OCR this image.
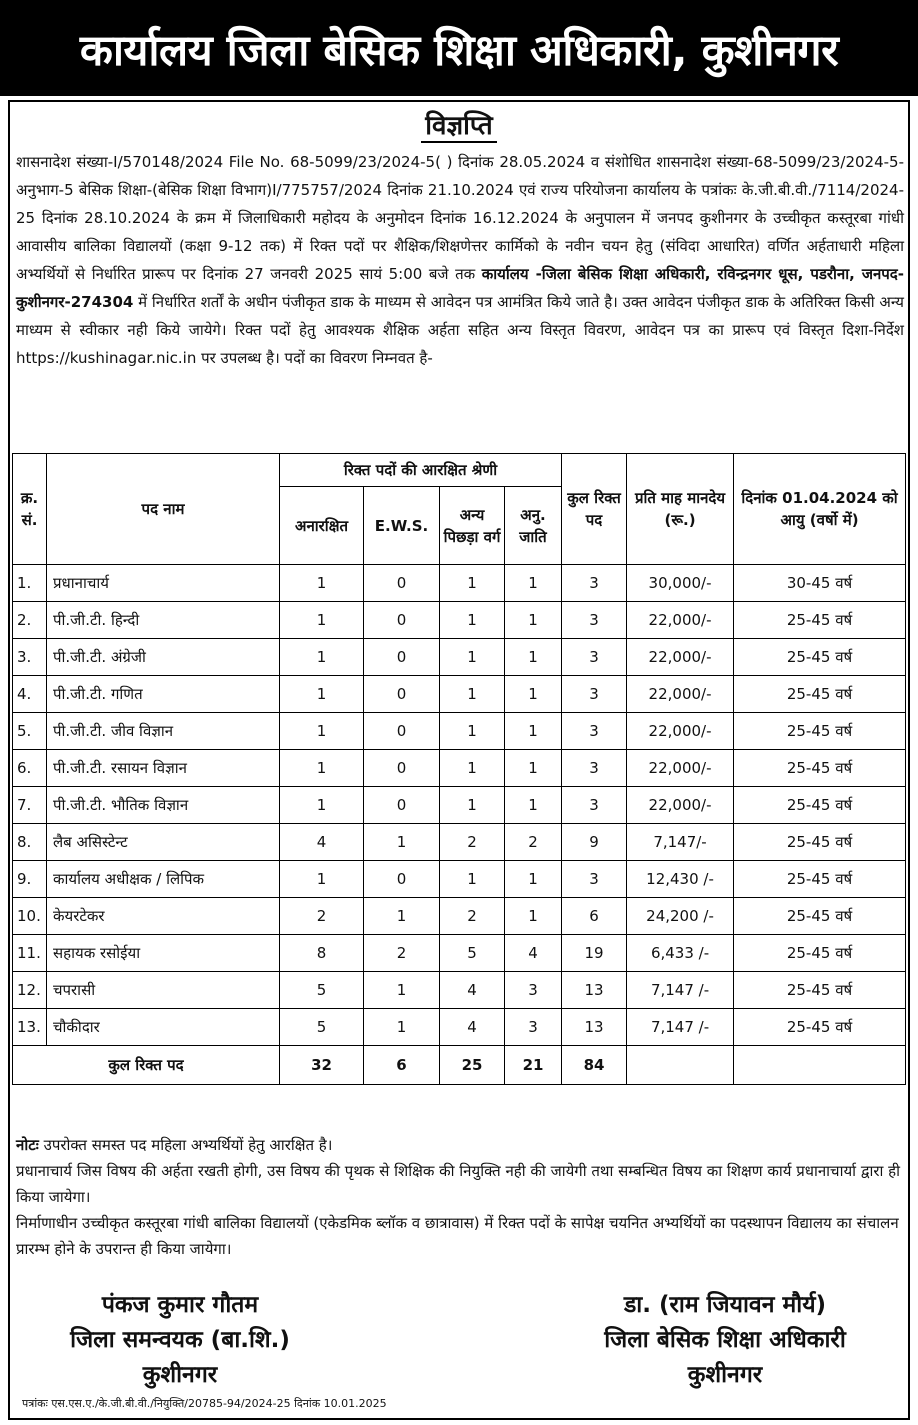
कार्यालय जिला बेसिक शिक्षा अधिकारी, कुशीनगर
विज्ञप्ति

शासनादेश संख्या-I/570148/2024 File No. 68-5099/23/2024-5( ) दिनांक 28.05.2024 व संशोधित शासनादेश संख्या-68-5099/23/2024-5-अनुभाग-5 बेसिक शिक्षा-(बेसिक शिक्षा विभाग)I/775757/2024 दिनांक 21.10.2024 एवं राज्य परियोजना कार्यालय के पत्रांकः के.जी.बी.वी./7114/2024-25 दिनांक 28.10.2024 के क्रम में जिलाधिकारी महोदय के अनुमोदन दिनांक 16.12.2024 के अनुपालन में जनपद कुशीनगर के उच्चीकृत कस्तूरबा गांधी आवासीय बालिका विद्यालयों (कक्षा 9-12 तक) में रिक्त पदों पर शैक्षिक/शिक्षणेत्तर कार्मिको के नवीन चयन हेतु (संविदा आधारित) वर्णित अर्हताधारी महिला अभ्यर्थियों से निर्धारित प्रारूप पर दिनांक 27 जनवरी 2025 सायं 5:00 बजे तक कार्यालय -जिला बेसिक शिक्षा अधिकारी, रविन्द्रनगर धूस, पडरौना, जनपद-कुशीनगर-274304 में निर्धारित शर्तों के अधीन पंजीकृत डाक के माध्यम से आवेदन पत्र आमंत्रित किये जाते है। उक्त आवेदन पंजीकृत डाक के अतिरिक्त किसी अन्य माध्यम से स्वीकार नही किये जायेगे। रिक्त पदों हेतु आवश्यक शैक्षिक अर्हता सहित अन्य विस्तृत विवरण, आवेदन पत्र का प्रारूप एवं विस्तृत दिशा-निर्देश https://kushinagar.nic.in पर उपलब्ध है। पदों का विवरण निम्नवत है-

क्र. सं.	पद नाम	रिक्त पदों की आरक्षित श्रेणी				कुल रिक्त पद	प्रति माह मानदेय (रू.)	दिनांक 01.04.2024 को आयु (वर्षो में)
		अनारक्षित	E.W.S.	अन्य पिछड़ा वर्ग	अनु. जाति			
1.	प्रधानाचार्य	1	0	1	1	3	30,000/-	30-45 वर्ष
2.	पी.जी.टी. हिन्दी	1	0	1	1	3	22,000/-	25-45 वर्ष
3.	पी.जी.टी. अंग्रेजी	1	0	1	1	3	22,000/-	25-45 वर्ष
4.	पी.जी.टी. गणित	1	0	1	1	3	22,000/-	25-45 वर्ष
5.	पी.जी.टी. जीव विज्ञान	1	0	1	1	3	22,000/-	25-45 वर्ष
6.	पी.जी.टी. रसायन विज्ञान	1	0	1	1	3	22,000/-	25-45 वर्ष
7.	पी.जी.टी. भौतिक विज्ञान	1	0	1	1	3	22,000/-	25-45 वर्ष
8.	लैब असिस्टेन्ट	4	1	2	2	9	7,147/-	25-45 वर्ष
9.	कार्यालय अधीक्षक / लिपिक	1	0	1	1	3	12,430 /-	25-45 वर्ष
10.	केयरटेकर	2	1	2	1	6	24,200 /-	25-45 वर्ष
11.	सहायक रसोईया	8	2	5	4	19	6,433 /-	25-45 वर्ष
12.	चपरासी	5	1	4	3	13	7,147 /-	25-45 वर्ष
13.	चौकीदार	5	1	4	3	13	7,147 /-	25-45 वर्ष
कुल रिक्त पद		32	6	25	21	84		

नोटः उपरोक्त समस्त पद महिला अभ्यर्थियों हेतु आरक्षित है।

प्रधानाचार्य जिस विषय की अर्हता रखती होगी, उस विषय की पृथक से शिक्षिक की नियुक्ति नही की जायेगी तथा सम्बन्धित विषय का शिक्षण कार्य प्रधानाचार्या द्वारा ही किया जायेगा।

निर्माणाधीन उच्चीकृत कस्तूरबा गांधी बालिका विद्यालयों (एकेडमिक ब्लॉक व छात्रावास) में रिक्त पदों के सापेक्ष चयनित अभ्यर्थियों का पदस्थापन विद्यालय का संचालन प्रारम्भ होने के उपरान्त ही किया जायेगा।

पंकज कुमार गौतम
जिला समन्वयक (बा.शि.)
कुशीनगर
डा. (राम जियावन मौर्य)
जिला बेसिक शिक्षा अधिकारी
कुशीनगर
पत्रांकः एस.एस.ए./के.जी.बी.वी./नियुक्ति/20785-94/2024-25 दिनांक 10.01.2025
